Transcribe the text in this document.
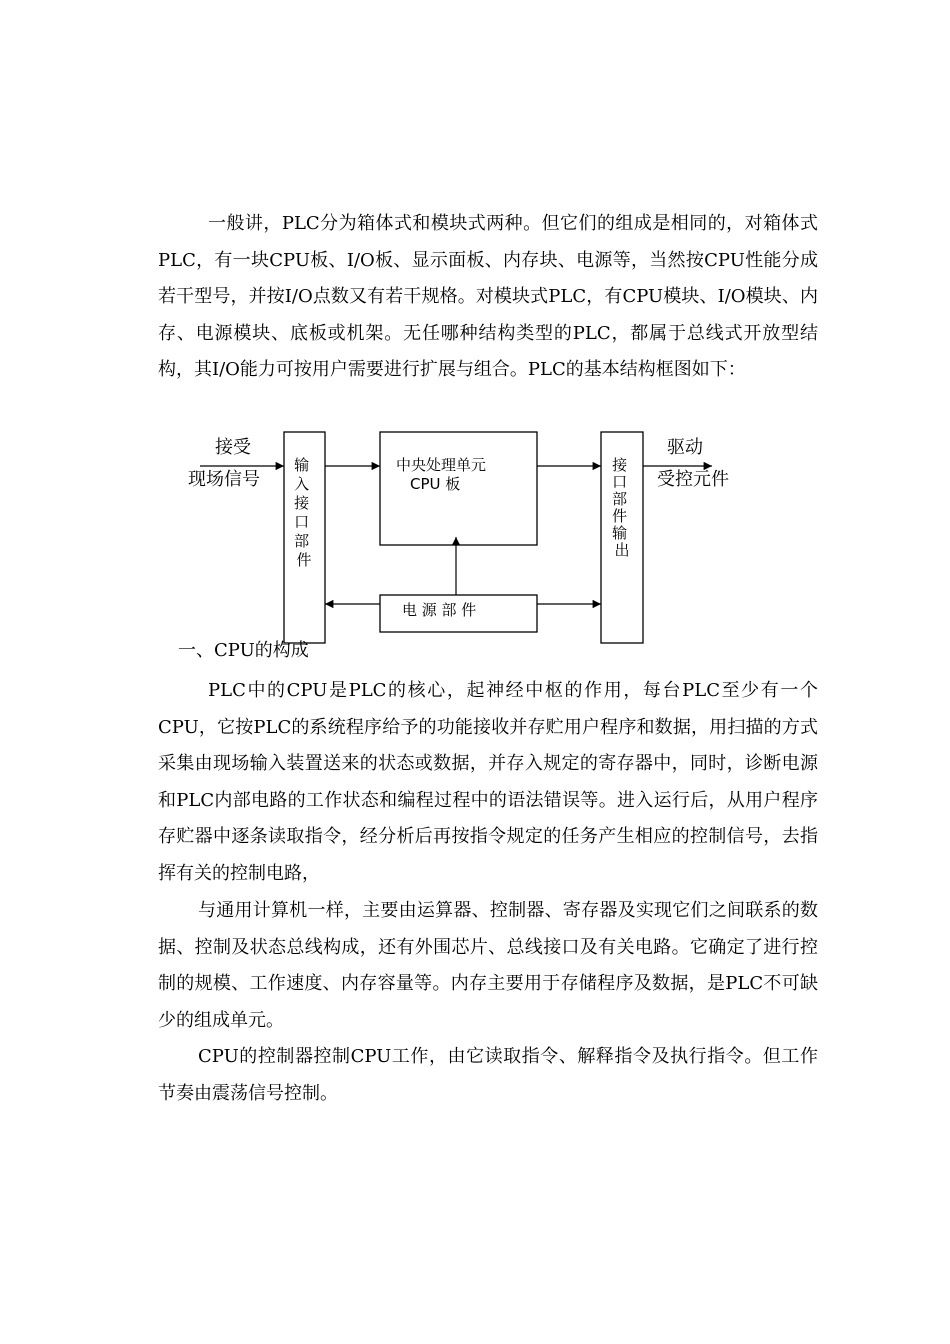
一般讲，PLC分为箱体式和模块式两种。但它们的组成是相同的，对箱体式PLC，有一块CPU板、I/O板、显示面板、内存块、电源等，当然按CPU性能分成若干型号，并按I/O点数又有若干规格。对模块式PLC，有CPU模块、I/O模块、内存、电源模块、底板或机架。无任哪种结构类型的PLC，都属于总线式开放型结构，其I/O能力可按用户需要进行扩展与组合。PLC的基本结构框图如下：

接受
现场信号
输 入 接 口 部 件
中央处理单元
CPU 板
电 源 部 件
接 口 部 件 输 出
驱动
受控元件

一、CPU的构成

PLC中的CPU是PLC的核心，起神经中枢的作用，每台PLC至少有一个CPU，它按PLC的系统程序给予的功能接收并存贮用户程序和数据，用扫描的方式采集由现场输入装置送来的状态或数据，并存入规定的寄存器中，同时，诊断电源和PLC内部电路的工作状态和编程过程中的语法错误等。进入运行后，从用户程序存贮器中逐条读取指令，经分析后再按指令规定的任务产生相应的控制信号，去指挥有关的控制电路，

与通用计算机一样，主要由运算器、控制器、寄存器及实现它们之间联系的数据、控制及状态总线构成，还有外围芯片、总线接口及有关电路。它确定了进行控制的规模、工作速度、内存容量等。内存主要用于存储程序及数据，是PLC不可缺少的组成单元。

CPU的控制器控制CPU工作，由它读取指令、解释指令及执行指令。但工作节奏由震荡信号控制。
